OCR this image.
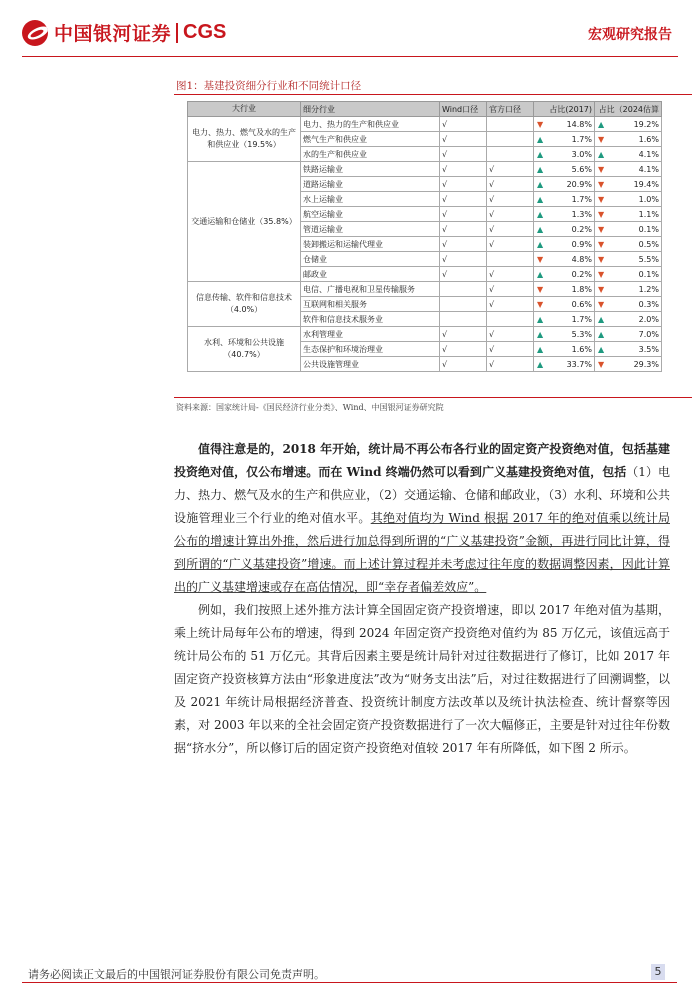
中国银河证券 CGS	宏观研究报告
图1：基建投资细分行业和不同统计口径
大行业	细分行业	Wind口径	官方口径	占比(2017)	占比（2024估算
电力、热力、燃气及水的生产和供应业（19.5%）	电力、热力的生产和供应业	√		▼ 14.8%	▲ 19.2%
	燃气生产和供应业	√		▲ 1.7%	▼ 1.6%
	水的生产和供应业	√		▲ 3.0%	▲ 4.1%
交通运输和仓储业（35.8%）	铁路运输业	√	√	▲ 5.6%	▼ 4.1%
	道路运输业	√	√	▲ 20.9%	▼ 19.4%
	水上运输业	√	√	▲ 1.7%	▼ 1.0%
	航空运输业	√	√	▲ 1.3%	▼ 1.1%
	管道运输业	√	√	▲ 0.2%	▼ 0.1%
	装卸搬运和运输代理业	√	√	▲ 0.9%	▼ 0.5%
	仓储业	√		▼ 4.8%	▼ 5.5%
	邮政业	√	√	▲ 0.2%	▼ 0.1%
信息传输、软件和信息技术（4.0%）	电信、广播电视和卫星传输服务		√	▼ 1.8%	▼ 1.2%
	互联网和相关服务		√	▼ 0.6%	▼ 0.3%
	软件和信息技术服务业			▲ 1.7%	▲ 2.0%
水利、环境和公共设施（40.7%）	水利管理业	√	√	▲ 5.3%	▲ 7.0%
	生态保护和环境治理业	√	√	▲ 1.6%	▲ 3.5%
	公共设施管理业	√	√	▲ 33.7%	▼ 29.3%
资料来源：国家统计局-《国民经济行业分类》、Wind、中国银河证券研究院

值得注意是的，2018 年开始，统计局不再公布各行业的固定资产投资绝对值，包括基建投资绝对值，仅公布增速。而在 Wind 终端仍然可以看到广义基建投资绝对值，包括（1）电力、热力、燃气及水的生产和供应业，（2）交通运输、仓储和邮政业，（3）水利、环境和公共设施管理业三个行业的绝对值水平。其绝对值均为 Wind 根据 2017 年的绝对值乘以统计局公布的增速计算出外推，然后进行加总得到所谓的“广义基建投资”金额，再进行同比计算，得到所谓的“广义基建投资”增速。而上述计算过程并未考虑过往年度的数据调整因素，因此计算出的广义基建增速或存在高估情况，即“幸存者偏差效应”。

例如，我们按照上述外推方法计算全国固定资产投资增速，即以 2017 年绝对值为基期，乘上统计局每年公布的增速，得到 2024 年固定资产投资绝对值约为 85 万亿元，该值远高于统计局公布的 51 万亿元。其背后因素主要是统计局针对过往数据进行了修订，比如 2017 年固定资产投资核算方法由“形象进度法”改为“财务支出法”后，对过往数据进行了回溯调整，以及 2021 年统计局根据经济普查、投资统计制度方法改革以及统计执法检查、统计督察等因素，对 2003 年以来的全社会固定资产投资数据进行了一次大幅修正，主要是针对过往年份数据“挤水分”，所以修订后的固定资产投资绝对值较 2017 年有所降低，如下图 2 所示。

请务必阅读正文最后的中国银河证券股份有限公司免责声明。	5
